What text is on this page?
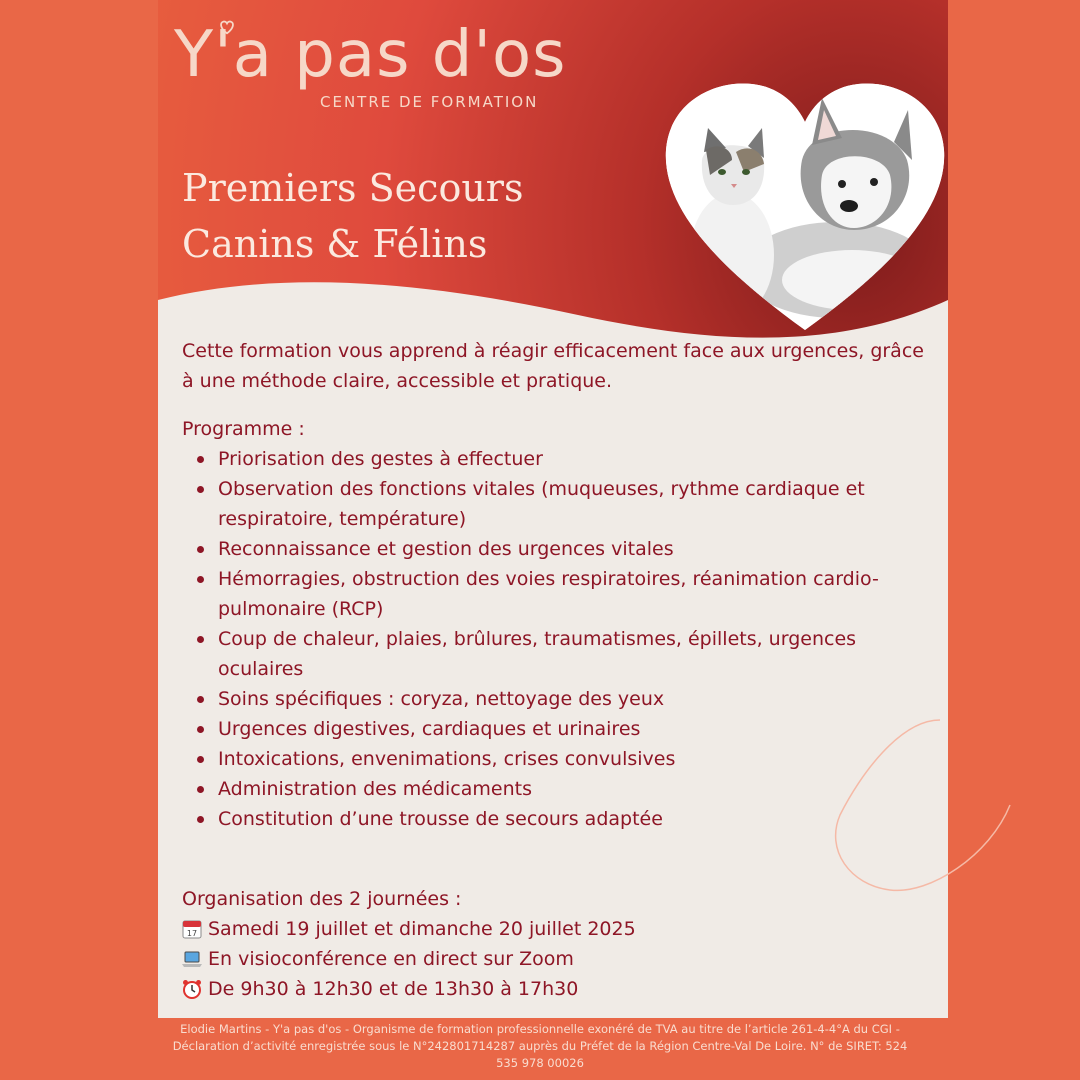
Y'a pas d'os
CENTRE DE FORMATION
Premiers Secours
Canins & Félins

Cette formation vous apprend à réagir efficacement face aux urgences, grâce à une méthode claire, accessible et pratique.

Programme :

Priorisation des gestes à effectuer
Observation des fonctions vitales (muqueuses, rythme cardiaque et respiratoire, température)
Reconnaissance et gestion des urgences vitales
Hémorragies, obstruction des voies respiratoires, réanimation cardio-pulmonaire (RCP)
Coup de chaleur, plaies, brûlures, traumatismes, épillets, urgences oculaires
Soins spécifiques : coryza, nettoyage des yeux
Urgences digestives, cardiaques et urinaires
Intoxications, envenimations, crises convulsives
Administration des médicaments
Constitution d’une trousse de secours adaptée
Organisation des 2 journées :
17 Samedi 19 juillet et dimanche 20 juillet 2025
En visioconférence en direct sur Zoom
De 9h30 à 12h30 et de 13h30 à 17h30
Elodie Martins - Y'a pas d'os - Organisme de formation professionnelle exonéré de TVA au titre de l’article 261-4-4°A du CGI -
Déclaration d’activité enregistrée sous le N°242801714287 auprès du Préfet de la Région Centre-Val De Loire. N° de SIRET: 524
535 978 00026
